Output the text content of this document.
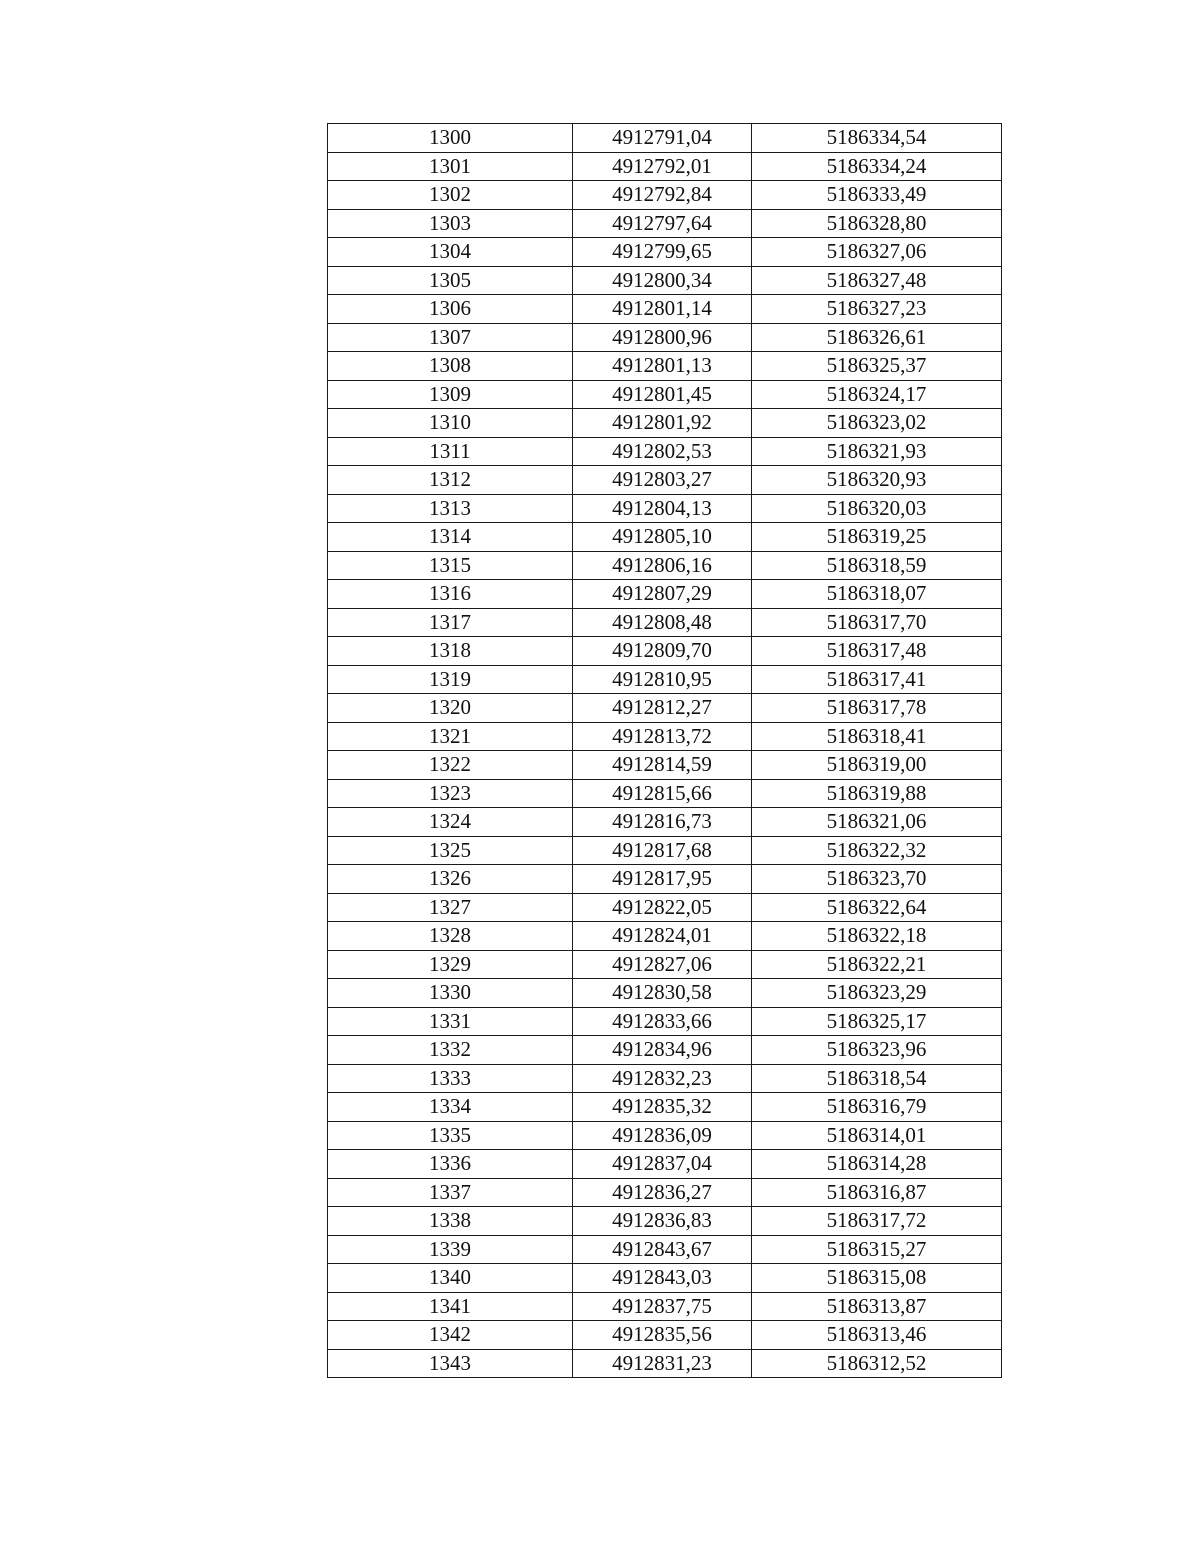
1300	4912791,04	5186334,54
1301	4912792,01	5186334,24
1302	4912792,84	5186333,49
1303	4912797,64	5186328,80
1304	4912799,65	5186327,06
1305	4912800,34	5186327,48
1306	4912801,14	5186327,23
1307	4912800,96	5186326,61
1308	4912801,13	5186325,37
1309	4912801,45	5186324,17
1310	4912801,92	5186323,02
1311	4912802,53	5186321,93
1312	4912803,27	5186320,93
1313	4912804,13	5186320,03
1314	4912805,10	5186319,25
1315	4912806,16	5186318,59
1316	4912807,29	5186318,07
1317	4912808,48	5186317,70
1318	4912809,70	5186317,48
1319	4912810,95	5186317,41
1320	4912812,27	5186317,78
1321	4912813,72	5186318,41
1322	4912814,59	5186319,00
1323	4912815,66	5186319,88
1324	4912816,73	5186321,06
1325	4912817,68	5186322,32
1326	4912817,95	5186323,70
1327	4912822,05	5186322,64
1328	4912824,01	5186322,18
1329	4912827,06	5186322,21
1330	4912830,58	5186323,29
1331	4912833,66	5186325,17
1332	4912834,96	5186323,96
1333	4912832,23	5186318,54
1334	4912835,32	5186316,79
1335	4912836,09	5186314,01
1336	4912837,04	5186314,28
1337	4912836,27	5186316,87
1338	4912836,83	5186317,72
1339	4912843,67	5186315,27
1340	4912843,03	5186315,08
1341	4912837,75	5186313,87
1342	4912835,56	5186313,46
1343	4912831,23	5186312,52
